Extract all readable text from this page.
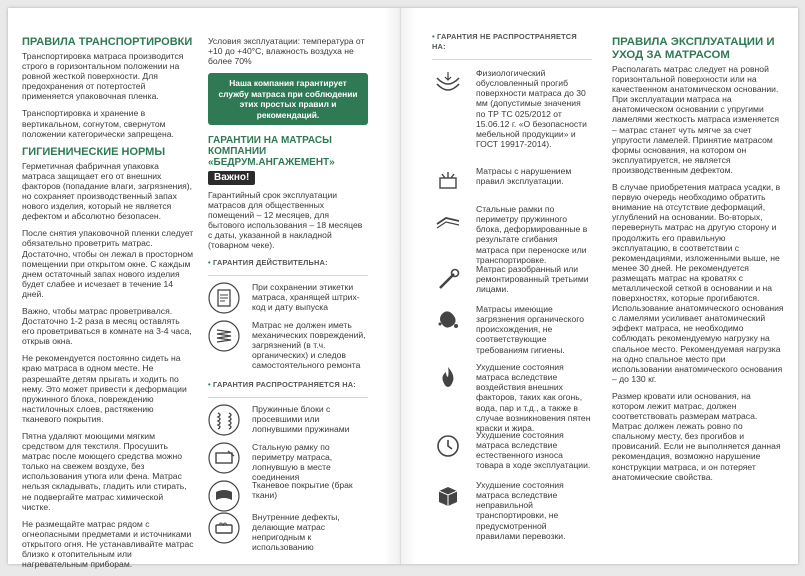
ПРАВИЛА ТРАНСПОРТИРОВКИ

Транспортировка матраса производится строго в горизонтальном положении на ровной жесткой поверхности. Для предохранения от потертостей применяется упаковочная пленка.

Транспортировка и хранение в вертикальном, согнутом, свернутом положении категорически запрещена.

ГИГИЕНИЧЕСКИЕ НОРМЫ

Герметичная фабричная упаковка матраса защищает его от внешних факторов (попадание влаги, загрязнения), но сохраняет производственный запах нового изделия, который не является дефектом и абсолютно безопасен.

После снятия упаковочной пленки следует обязательно проветрить матрас. Достаточно, чтобы он лежал в просторном помещении при открытом окне. С каждым днем остаточный запах нового изделия будет слабее и исчезает в течение 14 дней.

Важно, чтобы матрас проветривался. Достаточно 1-2 раза в месяц оставлять его проветриваться в комнате на 3-4 часа, открыв окна.

Не рекомендуется постоянно сидеть на краю матраса в одном месте. Не разрешайте детям прыгать и ходить по нему. Это может привести к деформации пружинного блока, повреждению настилочных слоев, растяжению тканевого покрытия.

Пятна удаляют моющими мягким средством для текстиля. Просушить матрас после моющего средства можно только на свежем воздухе, без использования утюга или фена. Матрас нельзя складывать, гладить или стирать, не подвергайте матрас химической чистке.

Не размещайте матрас рядом с огнеопасными предметами и источниками открытого огня. Не устанавливайте матрас близко к отопительным или нагревательным приборам.

Условия эксплуатации: температура от +10 до +40°С, влажность воздуха не более 70%

Наша компания гарантирует службу матраса при соблюдении этих простых правил и рекомендаций.
ГАРАНТИИ НА МАТРАСЫ КОМПАНИИ «БЕДРУМ.АНГАЖЕМЕНТ»
Важно!

Гарантийный срок эксплуатации матрасов для общественных помещений – 12 месяцев, для бытового использования – 18 месяцев с даты, указанной в накладной (товарном чеке).

• ГАРАНТИЯ ДЕЙСТВИТЕЛЬНА:

При сохранении этикетки матраса, хранящей штрих-код и дату выпуска
Матрас не должен иметь механических повреждений, загрязнений (в т.ч. органических) и следов самостоятельного ремонта

• ГАРАНТИЯ РАСПРОСТРАНЯЕТСЯ НА:

Пружинные блоки с просевшими или лопнувшими пружинами
Стальную рамку по периметру матраса, лопнувшую в месте соединения
Тканевое покрытие (брак ткани)
Внутренние дефекты, делающие матрас непригодным к использованию

• ГАРАНТИЯ НЕ РАСПРОСТРАНЯЕТСЯ НА:

Физиологический обусловленный прогиб поверхности матраса до 30 мм (допустимые значения по ТР ТС 025/2012 от 15.06.12 г. «О безопасности мебельной продукции» и ГОСТ 19917-2014).
Матрасы с нарушением правил эксплуатации.
Стальные рамки по периметру пружинного блока, деформированные в результате сгибания матраса при переноске или транспортировке.
Матрас разобранный или ремонтированный третьими лицами.
Матрасы имеющие загрязнения органического происхождения, не соответствующие требованиям гигиены.
Ухудшение состояния матраса вследствие воздействия внешних факторов, таких как огонь, вода, пар и т.д., а также в случае возникновения пятен краски и жира.
Ухудшение состояния матраса вследствие естественного износа товара в ходе эксплуатации.
Ухудшение состояния матраса вследствие неправильной транспортировки, не предусмотренной правилами перевозки.
ПРАВИЛА ЭКСПЛУАТАЦИИ И УХОД ЗА МАТРАСОМ

Располагать матрас следует на ровной горизонтальной поверхности или на качественном анатомическом основании. При эксплуатации матраса на анатомическом основании с упругими ламелями жесткость матраса изменяется – матрас станет чуть мягче за счет упругости ламелей. Принятие матрасом формы основания, на котором он эксплуатируется, не является производственным дефектом.

В случае приобретения матраса усадки, в первую очередь необходимо обратить внимание на отсутствие деформаций, углублений на основании. Во-вторых, перевернуть матрас на другую сторону и продолжить его правильную эксплуатацию, в соответствии с рекомендациями, изложенными выше, не менее 30 дней. Не рекомендуется размещать матрас на кроватях с металлической сеткой в основании и на поверхностях, которые прогибаются. Использование анатомического основания с ламелями усиливает анатомический эффект матраса, не необходимо соблюдать рекомендуемую нагрузку на спальное место. Рекомендуемая нагрузка на одно спальное место при использовании анатомического основания – до 130 кг.

Размер кровати или основания, на котором лежит матрас, должен соответствовать размерам матраса. Матрас должен лежать ровно по спальному месту, без прогибов и провисаний. Если не выполняется данная рекомендация, возможно нарушение конструкции матраса, и он потеряет анатомические свойства.
